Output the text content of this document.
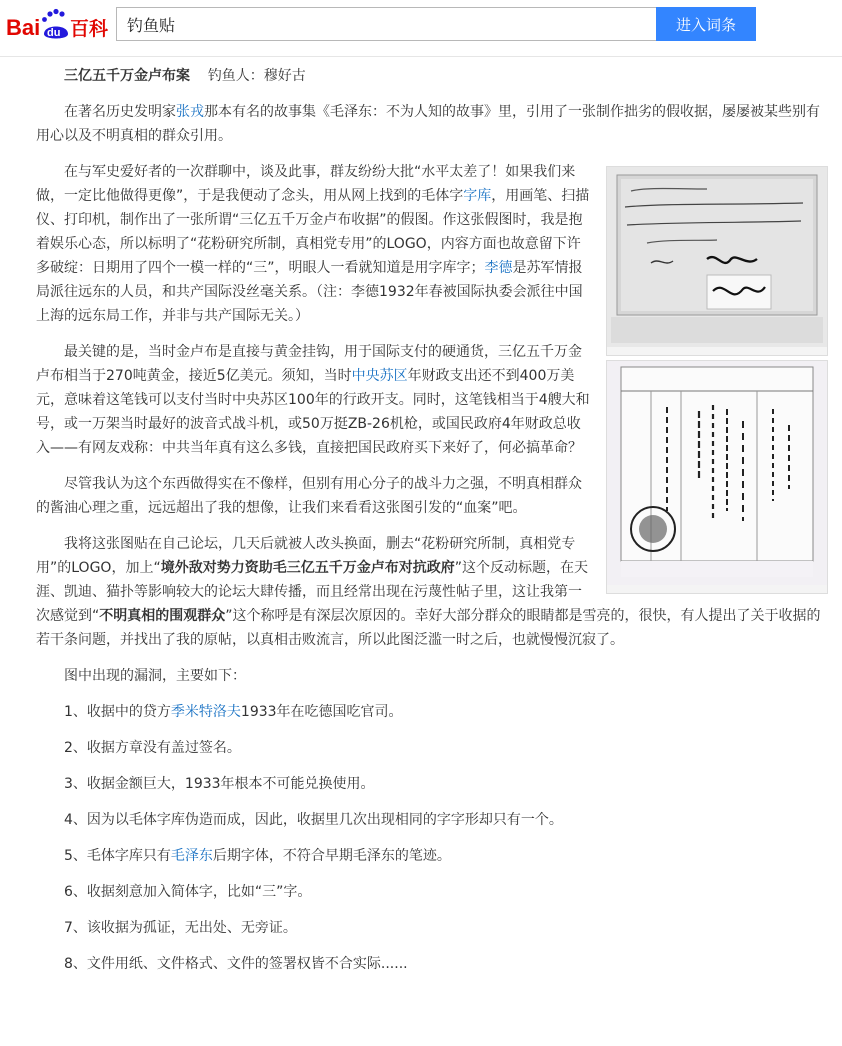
Bai du 百科
钓鱼贴	进入词条

三亿五千万金卢布案 钓鱼人：穆好古

在著名历史发明家张戎那本有名的故事集《毛泽东：不为人知的故事》里，引用了一张制作拙劣的假收据，屡屡被某些别有用心以及不明真相的群众引用。

在与军史爱好者的一次群聊中，谈及此事，群友纷纷大批“水平太差了！如果我们来做，一定比他做得更像”，于是我便动了念头，用从网上找到的毛体字字库，用画笔、扫描仪、打印机，制作出了一张所谓“三亿五千万金卢布收据”的假图。作这张假图时，我是抱着娱乐心态，所以标明了“花粉研究所制，真相党专用”的LOGO，内容方面也故意留下许多破绽：日期用了四个一模一样的“三”，明眼人一看就知道是用字库字；李德是苏军情报局派往远东的人员，和共产国际没丝毫关系。（注：李德1932年春被国际执委会派往中国上海的远东局工作，并非与共产国际无关。）

最关键的是，当时金卢布是直接与黄金挂钩，用于国际支付的硬通货，三亿五千万金卢布相当于270吨黄金，接近5亿美元。须知，当时中央苏区年财政支出还不到400万美元，意味着这笔钱可以支付当时中央苏区100年的行政开支。同时，这笔钱相当于4艘大和号，或一万架当时最好的波音式战斗机，或50万挺ZB-26机枪，或国民政府4年财政总收入——有网友戏称：中共当年真有这么多钱，直接把国民政府买下来好了，何必搞革命？

尽管我认为这个东西做得实在不像样，但别有用心分子的战斗力之强，不明真相群众的酱油心理之重，远远超出了我的想像，让我们来看看这张图引发的“血案”吧。

我将这张图贴在自己论坛，几天后就被人改头换面，删去“花粉研究所制，真相党专用”的LOGO，加上“境外敌对势力资助毛三亿五千万金卢布对抗政府”这个反动标题，在天涯、凯迪、猫扑等影响较大的论坛大肆传播，而且经常出现在污蔑性帖子里，这让我第一次感觉到“不明真相的围观群众”这个称呼是有深层次原因的。幸好大部分群众的眼睛都是雪亮的，很快，有人提出了关于收据的若干条问题，并找出了我的原帖，以真相击败流言，所以此图泛滥一时之后，也就慢慢沉寂了。

图中出现的漏洞，主要如下：

1、收据中的贷方季米特洛夫1933年在吃德国吃官司。
2、收据方章没有盖过签名。
3、收据金额巨大，1933年根本不可能兑换使用。
4、因为以毛体字库伪造而成，因此，收据里几次出现相同的字字形却只有一个。
5、毛体字库只有毛泽东后期字体，不符合早期毛泽东的笔迹。
6、收据刻意加入简体字，比如“三”字。
7、该收据为孤证，无出处、无旁证。
8、文件用纸、文件格式、文件的签署权皆不合实际......
